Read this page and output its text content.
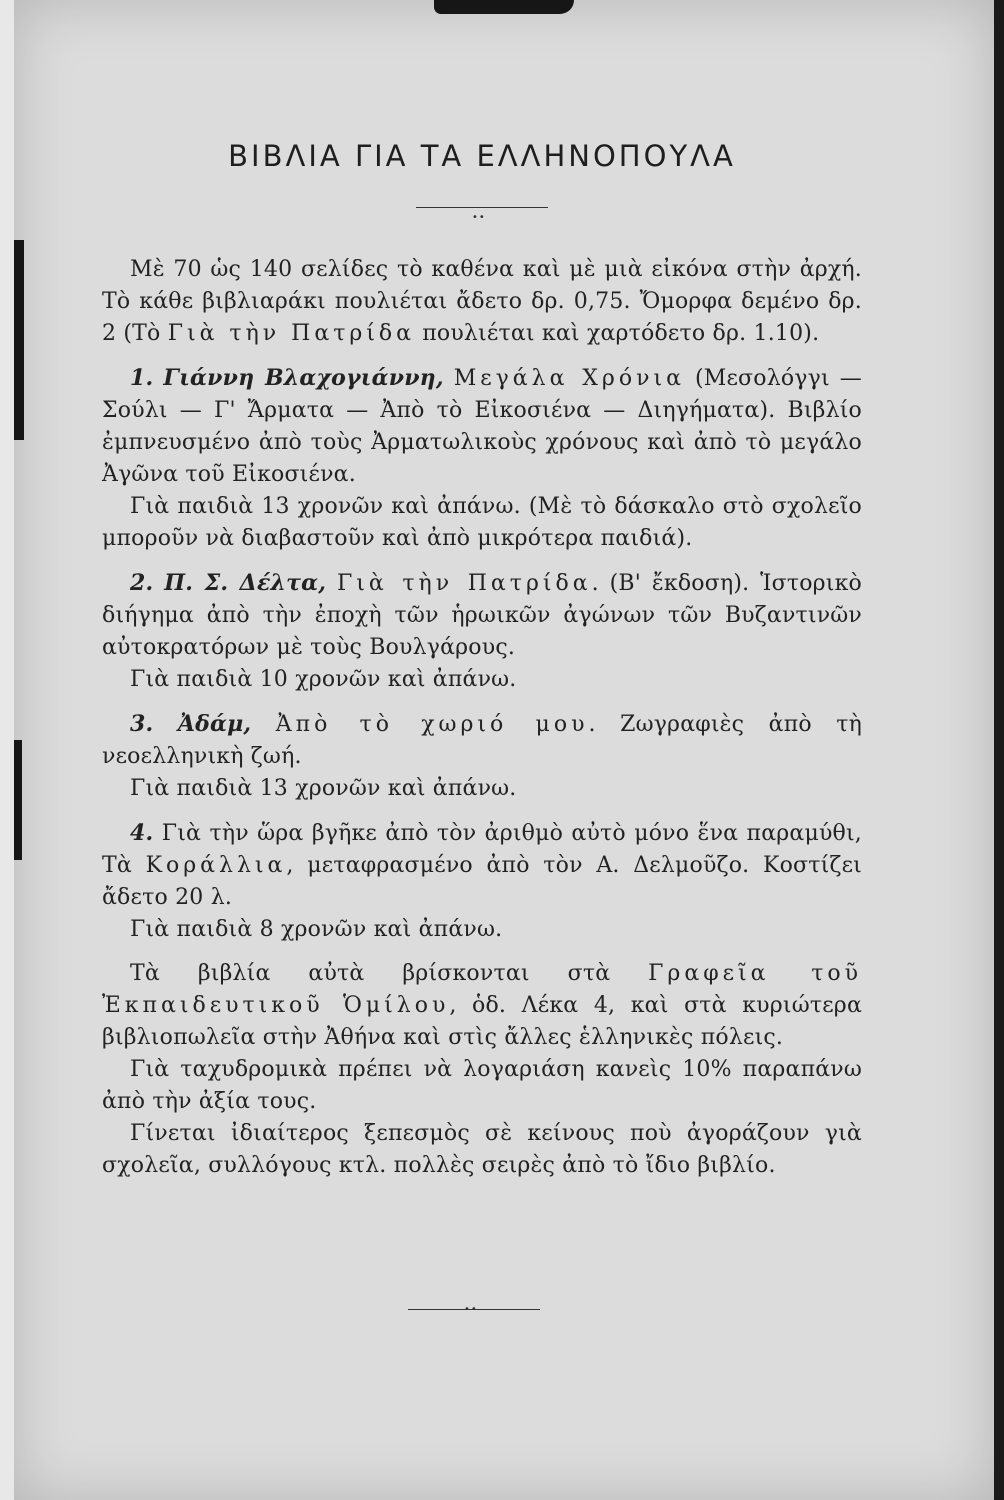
ΒΙΒΛΙΑ ΓΙΑ ΤΑ ΕΛΛΗΝΟΠΟΥΛΑ
••

Μὲ 70 ὡς 140 σελίδες τὸ καθένα καὶ μὲ μιὰ εἰκόνα στὴν ἀρχή. Τὸ κάθε βιβλιαράκι πουλιέται ἄδετο δρ. 0,75. Ὄμορφα δεμένο δρ. 2 (Τὸ Γιὰ τὴν Πατρίδα πουλιέται καὶ χαρτόδετο δρ. 1.10).

1. Γιάννη Βλαχογιάννη, Μεγάλα Χρόνια (Μεσολόγγι — Σούλι — Γ' Ἄρματα — Ἀπὸ τὸ Εἰκοσιένα — Διηγήματα). Βιβλίο ἐμπνευσμένο ἀπὸ τοὺς Ἀρματωλικοὺς χρόνους καὶ ἀπὸ τὸ μεγάλο Ἀγῶνα τοῦ Εἰκοσιένα.

Γιὰ παιδιὰ 13 χρονῶν καὶ ἀπάνω. (Μὲ τὸ δάσκαλο στὸ σχολεῖο μποροῦν νὰ διαβαστοῦν καὶ ἀπὸ μικρότερα παιδιά).

2. Π. Σ. Δέλτα, Γιὰ τὴν Πατρίδα. (Β' ἔκδοση). Ἱστορικὸ διήγημα ἀπὸ τὴν ἐποχὴ τῶν ἡρωικῶν ἀγώνων τῶν Βυζαντινῶν αὐτοκρατόρων μὲ τοὺς Βουλγάρους.

Γιὰ παιδιὰ 10 χρονῶν καὶ ἀπάνω.

3. Ἀδάμ, Ἀπὸ τὸ χωριό μου. Ζωγραφιὲς ἀπὸ τὴ νεοελληνικὴ ζωή.

Γιὰ παιδιὰ 13 χρονῶν καὶ ἀπάνω.

4. Γιὰ τὴν ὥρα βγῆκε ἀπὸ τὸν ἀριθμὸ αὐτὸ μόνο ἕνα παραμύθι, Τὰ Κοράλλια, μεταφρασμένο ἀπὸ τὸν Α. Δελμοῦζο. Κοστίζει ἄδετο 20 λ.

Γιὰ παιδιὰ 8 χρονῶν καὶ ἀπάνω.

Τὰ βιβλία αὐτὰ βρίσκονται στὰ Γραφεῖα τοῦ Ἐκπαιδευτικοῦ Ὁμίλου, ὁδ. Λέκα 4, καὶ στὰ κυριώτερα βιβλιοπωλεῖα στὴν Ἀθήνα καὶ στὶς ἄλλες ἑλληνικὲς πόλεις.

Γιὰ ταχυδρομικὰ πρέπει νὰ λογαριάση κανεὶς 10% παραπάνω ἀπὸ τὴν ἀξία τους.

Γίνεται ἰδιαίτερος ξεπεσμὸς σὲ κείνους ποὺ ἀγοράζουν γιὰ σχολεῖα, συλλόγους κτλ. πολλὲς σειρὲς ἀπὸ τὸ ἴδιο βιβλίο.

••
